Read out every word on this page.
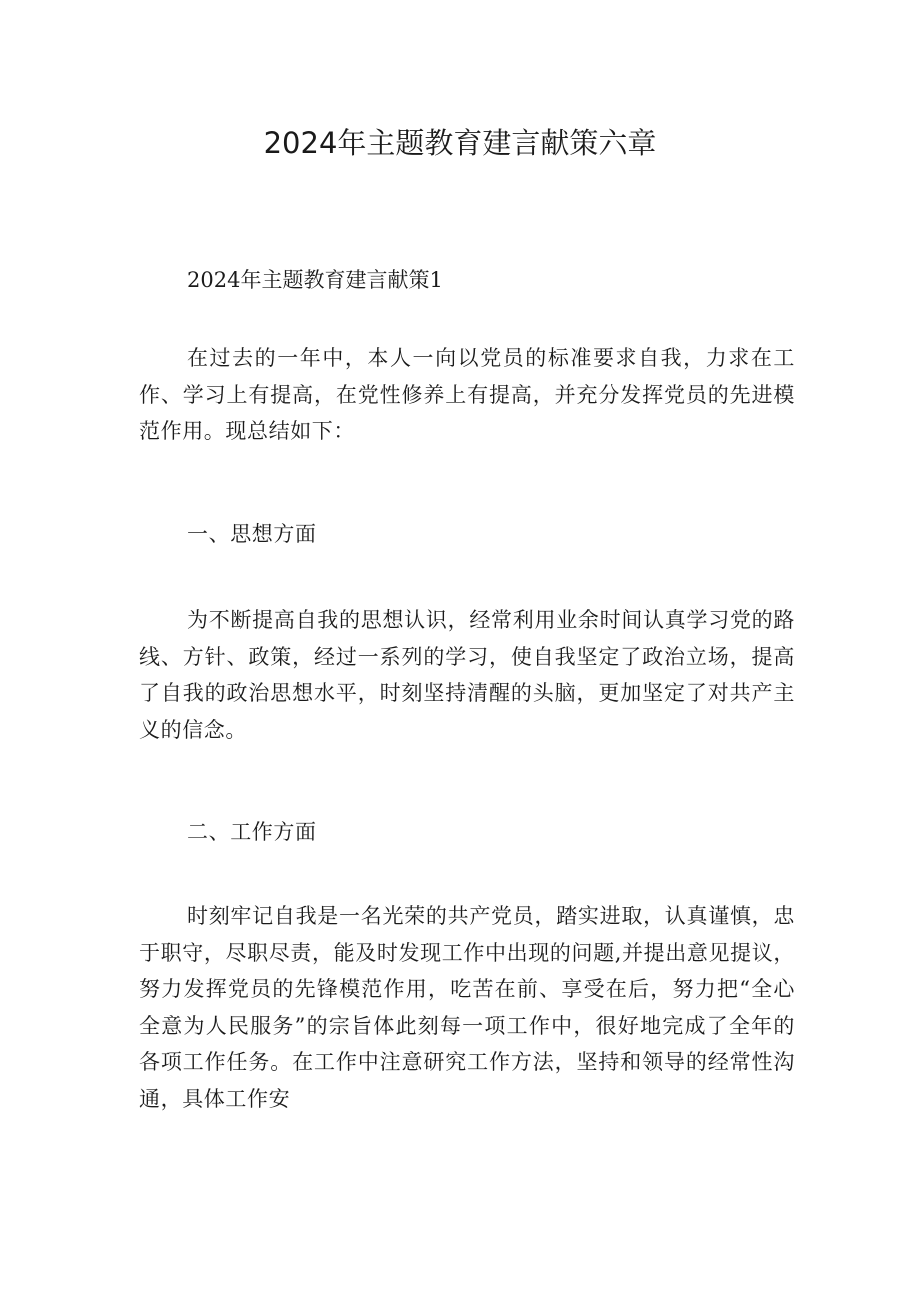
2024年主题教育建言献策六章

2024年主题教育建言献策1

在过去的一年中，本人一向以党员的标准要求自我，力求在工作、学习上有提高，在党性修养上有提高，并充分发挥党员的先进模范作用。现总结如下：

一、思想方面

为不断提高自我的思想认识，经常利用业余时间认真学习党的路线、方针、政策，经过一系列的学习，使自我坚定了政治立场，提高了自我的政治思想水平，时刻坚持清醒的头脑，更加坚定了对共产主义的信念。

二、工作方面

时刻牢记自我是一名光荣的共产党员，踏实进取，认真谨慎，忠于职守，尽职尽责，能及时发现工作中出现的问题,并提出意见提议，努力发挥党员的先锋模范作用，吃苦在前、享受在后，努力把“全心全意为人民服务”的宗旨体此刻每一项工作中，很好地完成了全年的各项工作任务。在工作中注意研究工作方法，坚持和领导的经常性沟通，具体工作安
